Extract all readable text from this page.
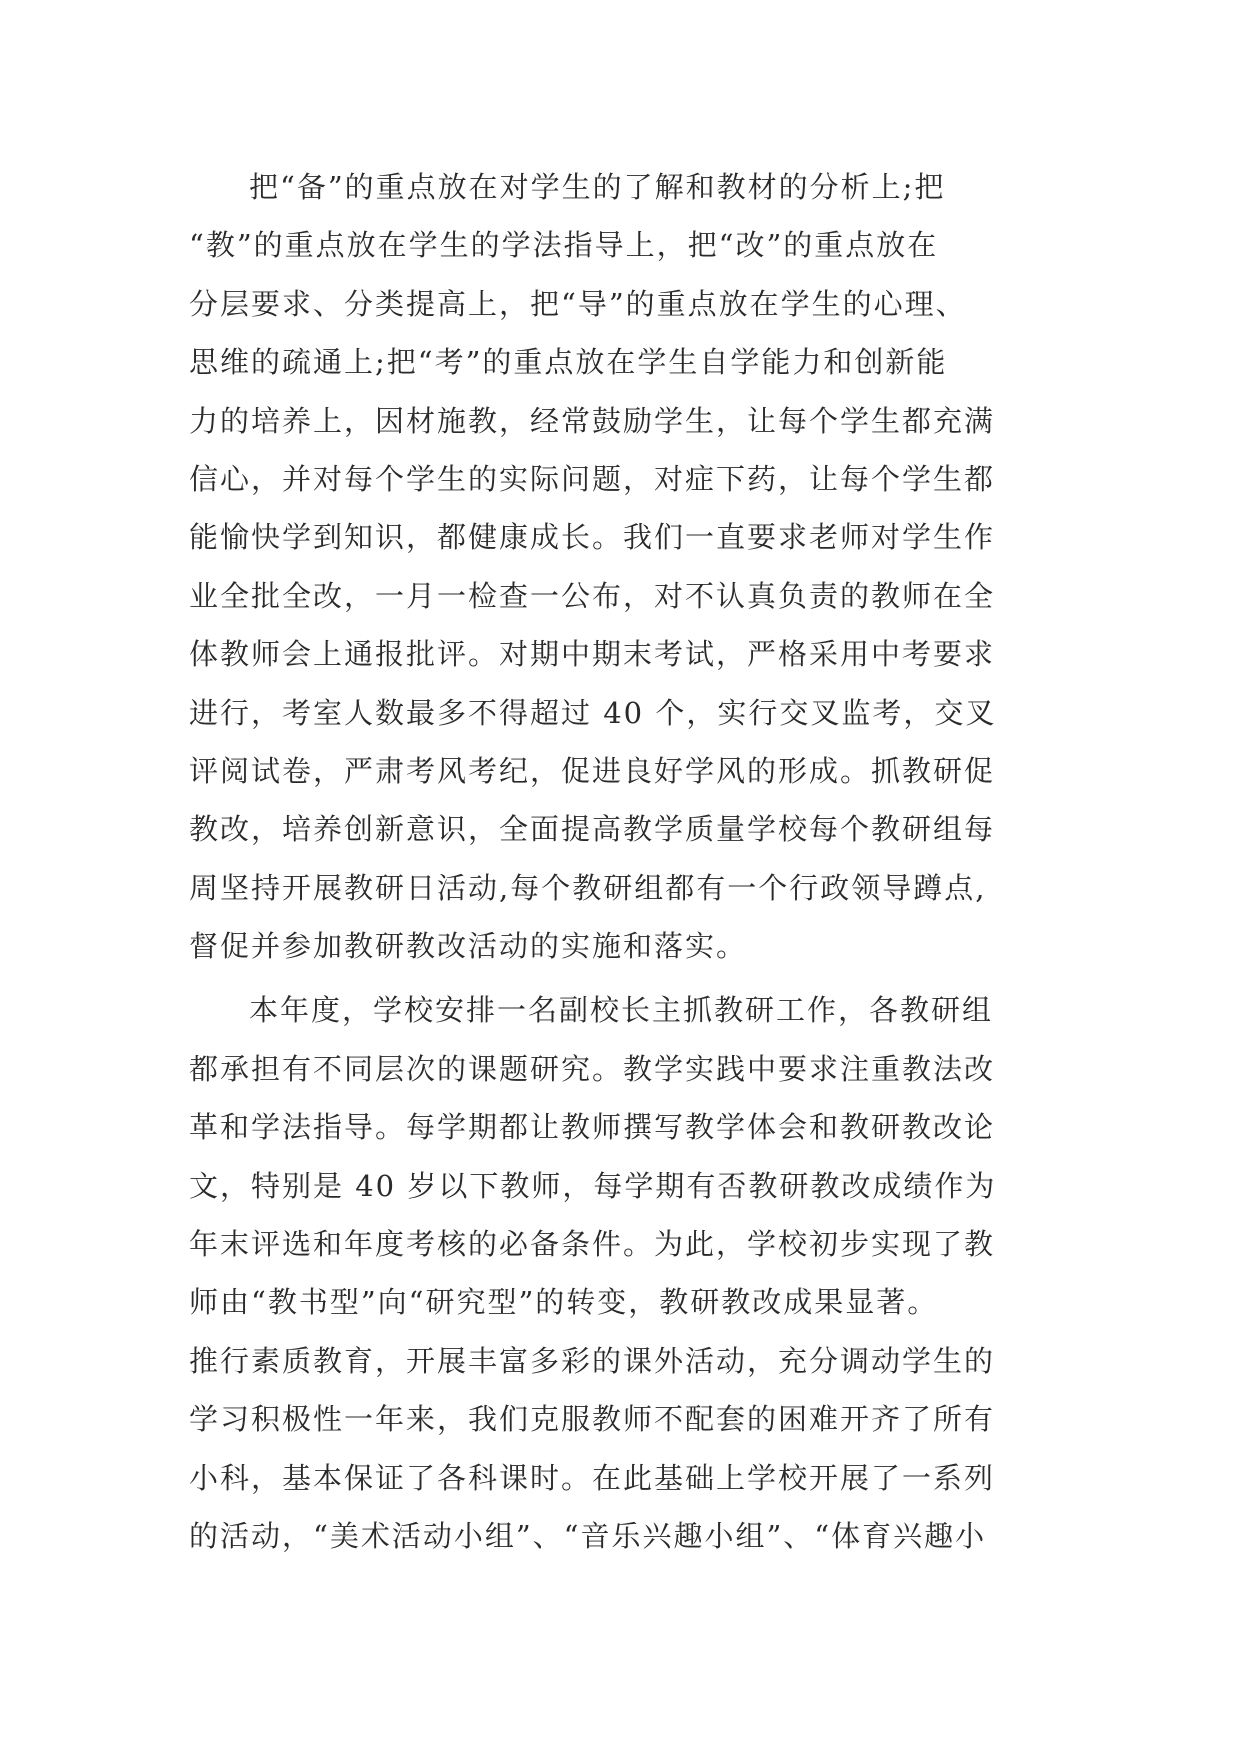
把“备”的重点放在对学生的了解和教材的分析上;把
“教”的重点放在学生的学法指导上，把“改”的重点放在
分层要求、分类提高上，把“导”的重点放在学生的心理、
思维的疏通上;把“考”的重点放在学生自学能力和创新能
力的培养上，因材施教，经常鼓励学生，让每个学生都充满
信心，并对每个学生的实际问题，对症下药，让每个学生都
能愉快学到知识，都健康成长。我们一直要求老师对学生作
业全批全改，一月一检查一公布，对不认真负责的教师在全
体教师会上通报批评。对期中期末考试，严格采用中考要求
进行，考室人数最多不得超过 40 个，实行交叉监考，交叉
评阅试卷，严肃考风考纪，促进良好学风的形成。抓教研促
教改，培养创新意识，全面提高教学质量学校每个教研组每
周坚持开展教研日活动,每个教研组都有一个行政领导蹲点,
督促并参加教研教改活动的实施和落实。
本年度，学校安排一名副校长主抓教研工作，各教研组
都承担有不同层次的课题研究。教学实践中要求注重教法改
革和学法指导。每学期都让教师撰写教学体会和教研教改论
文，特别是 40 岁以下教师，每学期有否教研教改成绩作为
年末评选和年度考核的必备条件。为此，学校初步实现了教
师由“教书型”向“研究型”的转变，教研教改成果显著。
推行素质教育，开展丰富多彩的课外活动，充分调动学生的
学习积极性一年来，我们克服教师不配套的困难开齐了所有
小科，基本保证了各科课时。在此基础上学校开展了一系列
的活动，“美术活动小组”、“音乐兴趣小组”、“体育兴趣小
